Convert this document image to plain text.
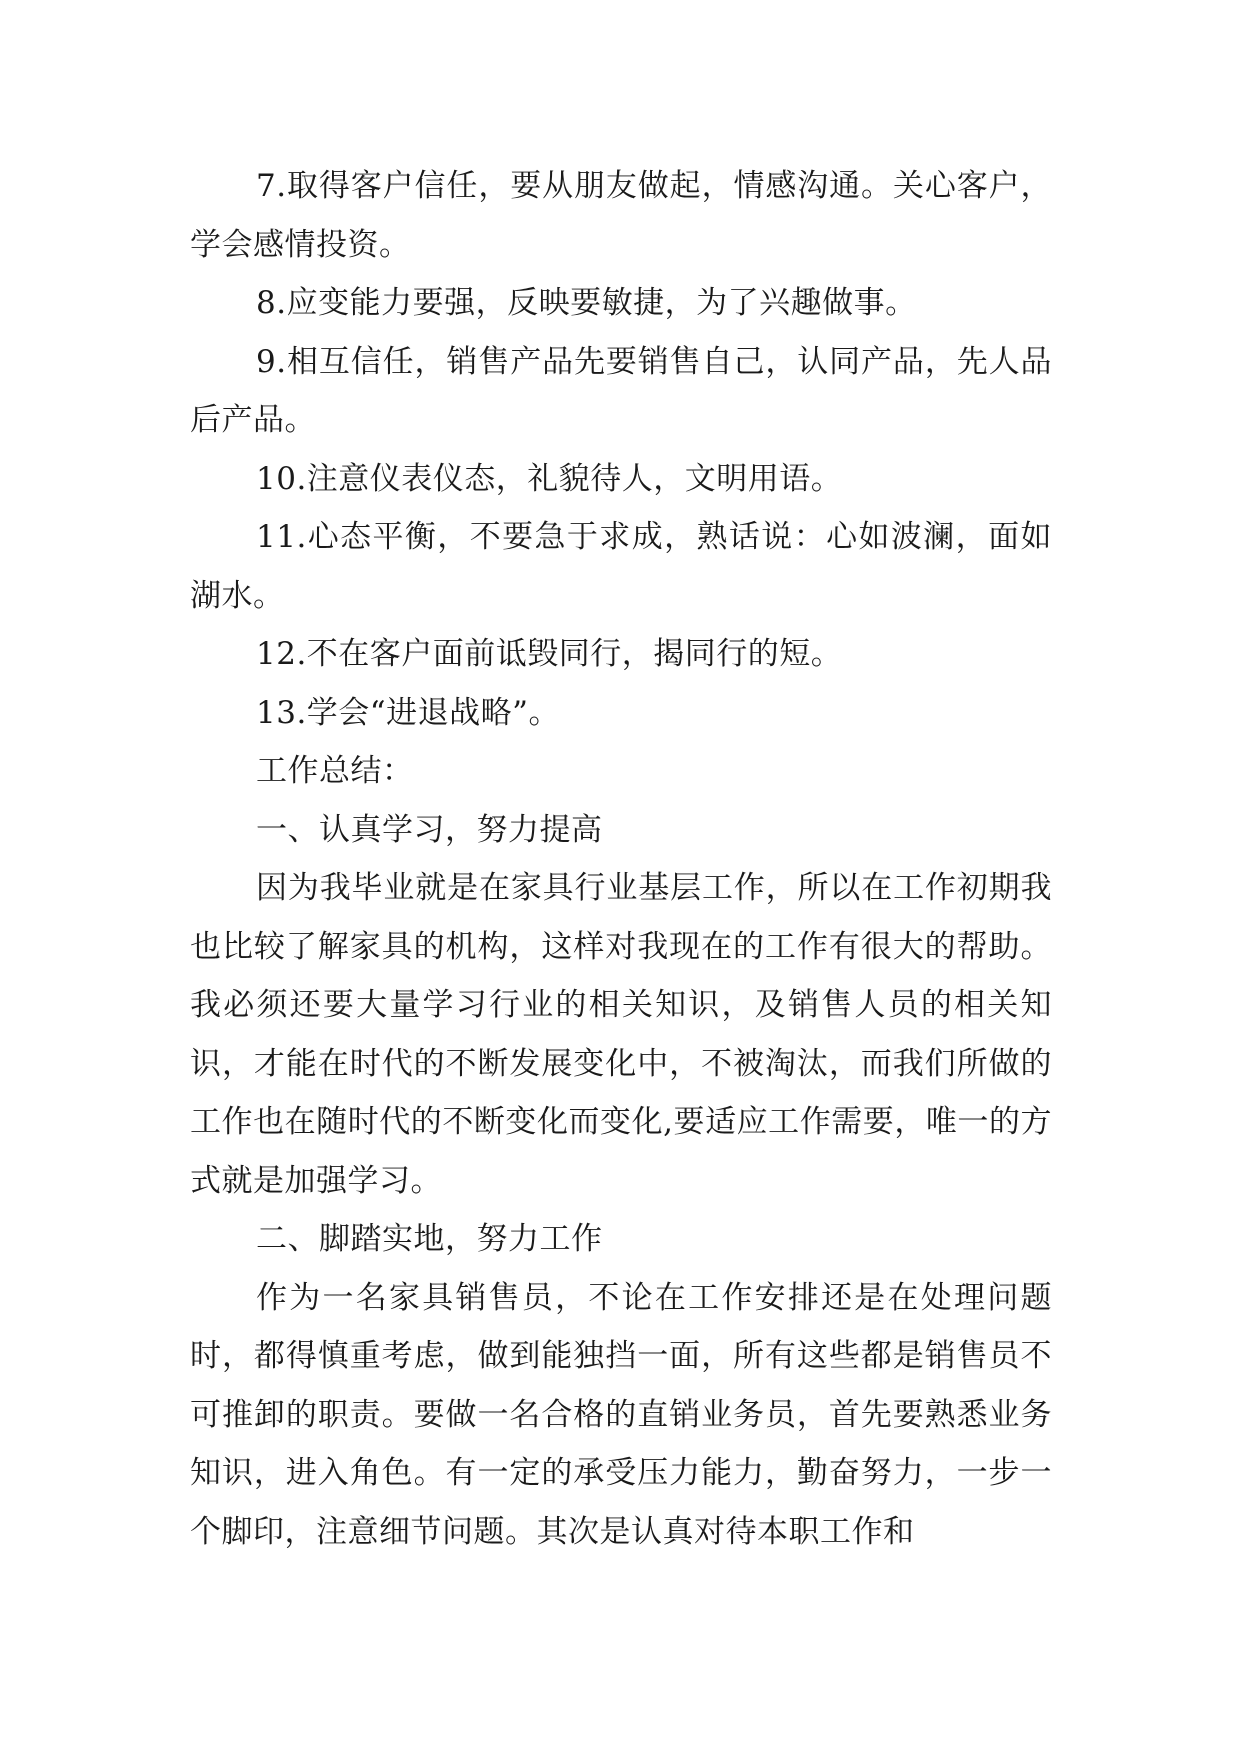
7.取得客户信任，要从朋友做起，情感沟通。关心客户，学会感情投资。

8.应变能力要强，反映要敏捷，为了兴趣做事。

9.相互信任，销售产品先要销售自己，认同产品，先人品后产品。

10.注意仪表仪态，礼貌待人，文明用语。

11.心态平衡，不要急于求成，熟话说：心如波澜，面如湖水。

12.不在客户面前诋毁同行，揭同行的短。

13.学会“进退战略”。

工作总结：

一、认真学习，努力提高

因为我毕业就是在家具行业基层工作，所以在工作初期我也比较了解家具的机构，这样对我现在的工作有很大的帮助。我必须还要大量学习行业的相关知识，及销售人员的相关知识，才能在时代的不断发展变化中，不被淘汰，而我们所做的工作也在随时代的不断变化而变化,要适应工作需要，唯一的方式就是加强学习。

二、脚踏实地，努力工作

作为一名家具销售员，不论在工作安排还是在处理问题时，都得慎重考虑，做到能独挡一面，所有这些都是销售员不可推卸的职责。要做一名合格的直销业务员，首先要熟悉业务知识，进入角色。有一定的承受压力能力，勤奋努力，一步一个脚印，注意细节问题。其次是认真对待本职工作和
